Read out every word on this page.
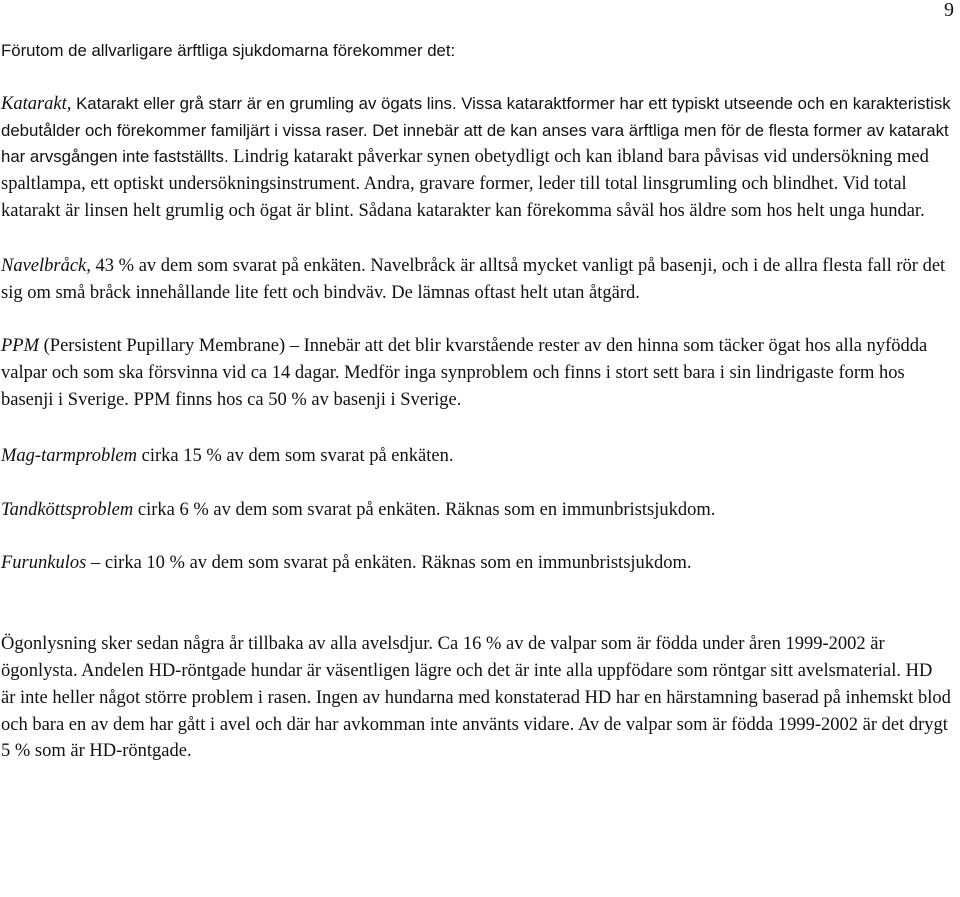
9

Förutom de allvarligare ärftliga sjukdomarna förekommer det:

Katarakt, Katarakt eller grå starr är en grumling av ögats lins. Vissa kataraktformer har ett typiskt utseende och en karakteristisk debutålder och förekommer familjärt i vissa raser. Det innebär att de kan anses vara ärftliga men för de flesta former av katarakt har arvsgången inte fastställts. Lindrig katarakt påverkar synen obetydligt och kan ibland bara påvisas vid undersökning med spaltlampa, ett optiskt undersökningsinstrument. Andra, gravare former, leder till total linsgrumling och blindhet. Vid total katarakt är linsen helt grumlig och ögat är blint. Sådana katarakter kan förekomma såväl hos äldre som hos helt unga hundar.

Navelbråck, 43 % av dem som svarat på enkäten. Navelbråck är alltså mycket vanligt på basenji, och i de allra flesta fall rör det sig om små bråck innehållande lite fett och bindväv. De lämnas oftast helt utan åtgärd.

PPM (Persistent Pupillary Membrane) – Innebär att det blir kvarstående rester av den hinna som täcker ögat hos alla nyfödda valpar och som ska försvinna vid ca 14 dagar. Medför inga synproblem och finns i stort sett bara i sin lindrigaste form hos basenji i Sverige. PPM finns hos ca 50 % av basenji i Sverige.

Mag-tarmproblem cirka 15 % av dem som svarat på enkäten.

Tandköttsproblem cirka 6 % av dem som svarat på enkäten. Räknas som en immunbristsjukdom.

Furunkulos – cirka 10 % av dem som svarat på enkäten. Räknas som en immunbristsjukdom.

Ögonlysning sker sedan några år tillbaka av alla avelsdjur. Ca 16 % av de valpar som är födda under åren 1999-2002 är ögonlysta. Andelen HD-röntgade hundar är väsentligen lägre och det är inte alla uppfödare som röntgar sitt avelsmaterial. HD är inte heller något större problem i rasen. Ingen av hundarna med konstaterad HD har en härstamning baserad på inhemskt blod och bara en av dem har gått i avel och där har avkomman inte använts vidare. Av de valpar som är födda 1999-2002 är det drygt 5 % som är HD-röntgade.
